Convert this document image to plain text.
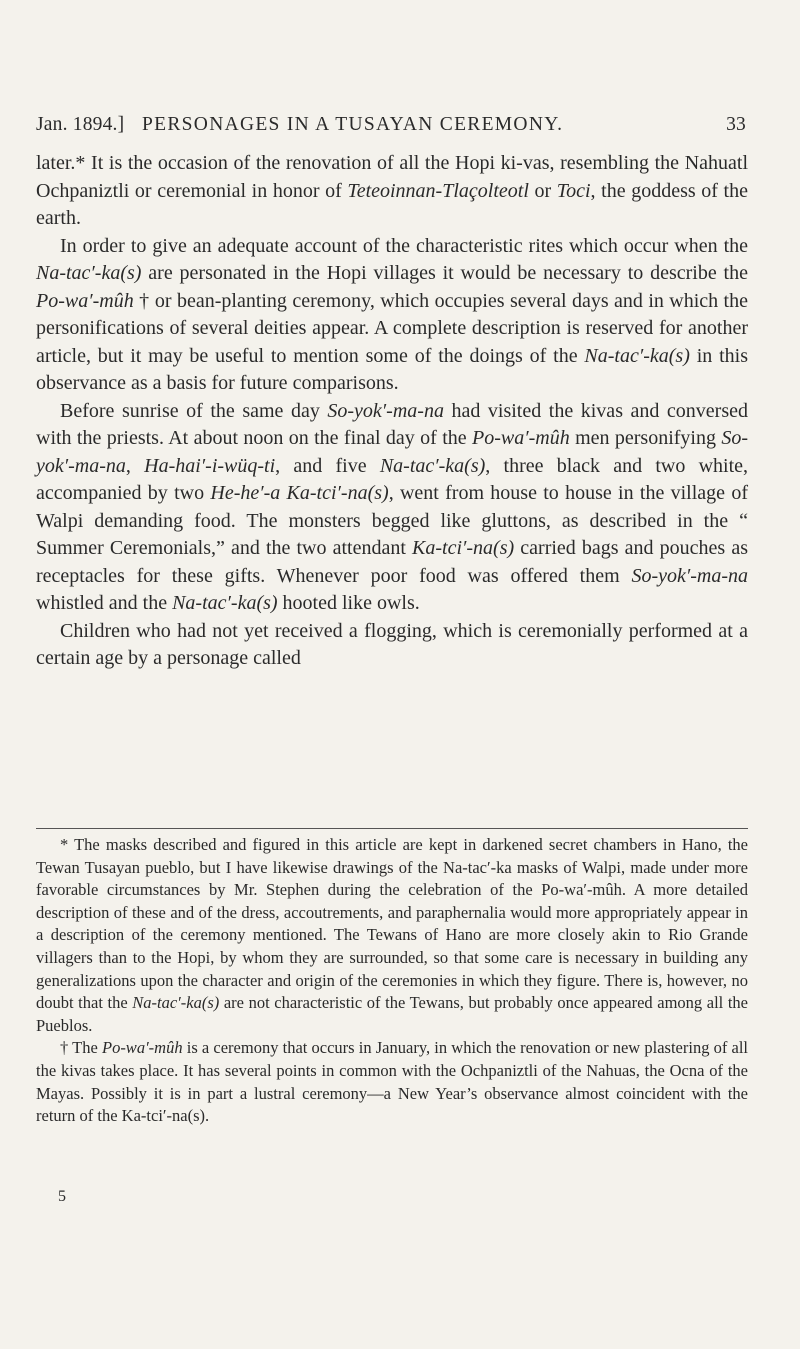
Jan. 1894.] PERSONAGES IN A TUSAYAN CEREMONY.	33

later.* It is the occasion of the renovation of all the Hopi ki-vas, resembling the Nahuatl Ochpaniztli or ceremonial in honor of Teteoinnan-Tlaçolteotl or Toci, the goddess of the earth.

In order to give an adequate account of the characteristic rites which occur when the Na-tac′-ka(s) are personated in the Hopi villages it would be necessary to describe the Po-wa′-mûh † or bean-planting ceremony, which occupies several days and in which the personifications of several deities appear. A complete description is reserved for another article, but it may be useful to mention some of the doings of the Na-tac′-ka(s) in this observance as a basis for future comparisons.

Before sunrise of the same day So-yok′-ma-na had visited the kivas and conversed with the priests. At about noon on the final day of the Po-wa′-mûh men personifying So-yok′-ma-na, Ha-hai′-i-wüq-ti, and five Na-tac′-ka(s), three black and two white, accompanied by two He-he′-a Ka-tci′-na(s), went from house to house in the village of Walpi demanding food. The monsters begged like gluttons, as described in the “ Summer Ceremonials,” and the two attendant Ka-tci′-na(s) carried bags and pouches as receptacles for these gifts. Whenever poor food was offered them So-yok′-ma-na whistled and the Na-tac′-ka(s) hooted like owls.

Children who had not yet received a flogging, which is ceremonially performed at a certain age by a personage called

* The masks described and figured in this article are kept in darkened secret chambers in Hano, the Tewan Tusayan pueblo, but I have likewise drawings of the Na-tac′-ka masks of Walpi, made under more favorable circumstances by Mr. Stephen during the celebration of the Po-wa′-mûh. A more detailed description of these and of the dress, accoutrements, and paraphernalia would more appropriately appear in a description of the ceremony mentioned. The Tewans of Hano are more closely akin to Rio Grande villagers than to the Hopi, by whom they are surrounded, so that some care is necessary in building any generalizations upon the character and origin of the ceremonies in which they figure. There is, however, no doubt that the Na-tac′-ka(s) are not characteristic of the Tewans, but probably once appeared among all the Pueblos.

† The Po-wa′-mûh is a ceremony that occurs in January, in which the renovation or new plastering of all the kivas takes place. It has several points in common with the Ochpaniztli of the Nahuas, the Ocna of the Mayas. Possibly it is in part a lustral ceremony—a New Year’s observance almost coincident with the return of the Ka-tci′-na(s).

5
